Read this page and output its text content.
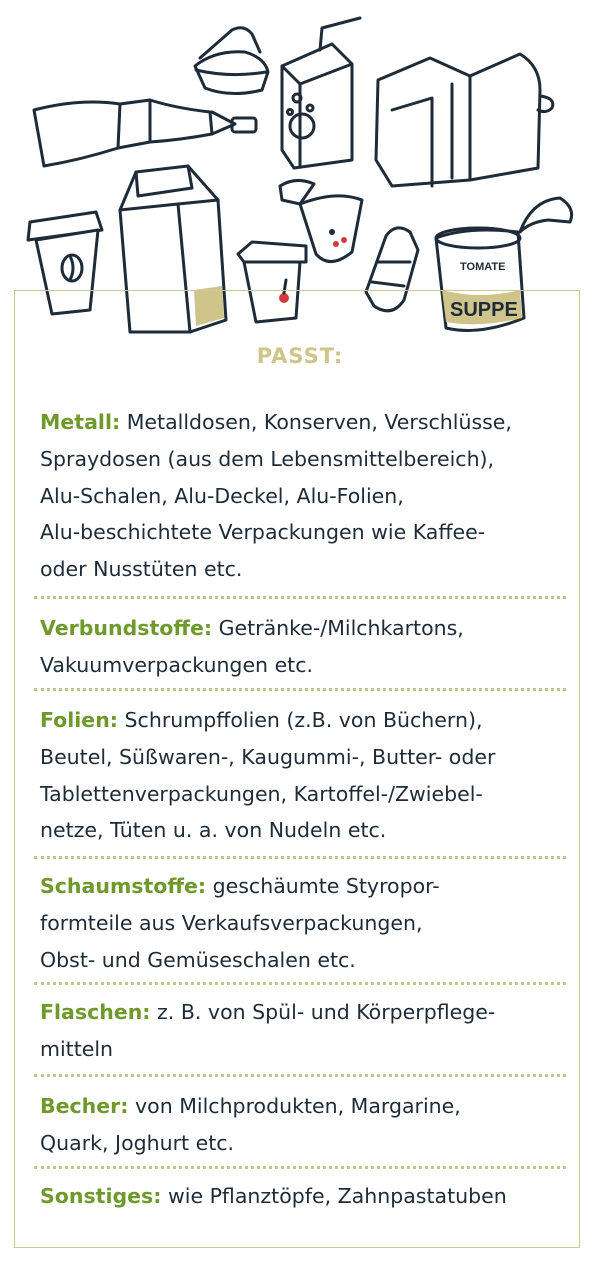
TOMATE
SUPPE
PASST:
Metall: Metalldosen, Konserven, Verschlüsse,
Spraydosen (aus dem Lebensmittelbereich),
Alu-Schalen, Alu-Deckel, Alu-Folien,
Alu-beschichtete Verpackungen wie Kaffee-
oder Nusstüten etc.
Verbundstoffe: Getränke-/Milchkartons,
Vakuumverpackungen etc.
Folien: Schrumpffolien (z.B. von Büchern),
Beutel, Süßwaren-, Kaugummi-, Butter- oder
Tablettenverpackungen, Kartoffel-/Zwiebel-
netze, Tüten u. a. von Nudeln etc.
Schaumstoffe: geschäumte Styropor-
formteile aus Verkaufsverpackungen,
Obst- und Gemüseschalen etc.
Flaschen: z. B. von Spül- und Körperpflege-
mitteln
Becher: von Milchprodukten, Margarine,
Quark, Joghurt etc.
Sonstiges: wie Pflanztöpfe, Zahnpastatuben
